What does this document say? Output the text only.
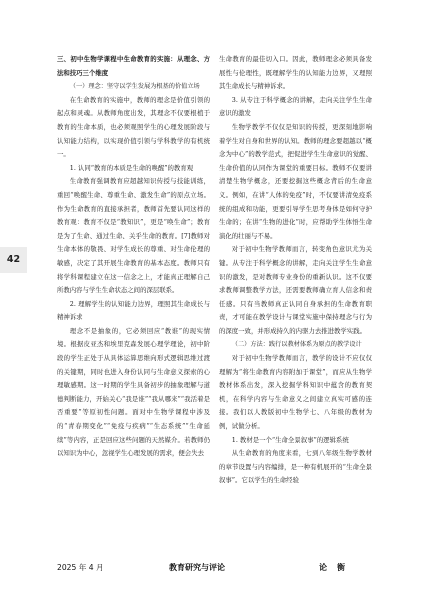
42

三、初中生物学课程中生命教育的实施：从理念、方法和技巧三个维度

（一）理念：坚守以学生发展为根基的价值立场

在生命教育的实施中，教师的理念是价值引领的起点和灵魂。从教师角度出发，其理念不仅要根植于教育的生命本质，也必须观照学生的心理发展阶段与认知能力结构，以实现价值引领与学科教学的有机统一。

1. 认同“教育的本质是生命的唤醒”的教育观

生命教育强调教育应超越知识传授与技能训练，重回“唤醒生命、尊重生命、激发生命”的原点立场。作为生命教育的直接承担者，教师首先要认同这样的教育观：教育不仅是“教知识”，更是“唤生命”；教育是为了生命、通过生命、关乎生命的教育。[7]教师对生命本体的敬畏、对学生成长的尊重、对生命伦理的敏感，决定了其开展生命教育的基本态度。教师只有将学科课程建立在这一信念之上，才能真正理解自己所教内容与学生生命状态之间的深层联系。

2. 理解学生的认知能力边界，理照其生命成长与精神诉求

理念不是抽象的，它必须回应“教谁”的现实情境。根据皮亚杰和埃里克森发展心理学理论，初中阶段的学生正处于从具体运算思维向形式逻辑思维过渡的关键期，同时也进入身份认同与生命意义探索的心理敏感期。这一时期的学生具备初步的抽象理解与道德判断能力，开始关心“我是谁”“我从哪来”“我活着是否重要”等原初性问题。面对中生物学课程中涉及的“青春期变化”“免疫与疾病”“生态系统”“生命延续”等内容，正是回应这些问题的天然媒介。若教师仍以知识为中心，忽视学生心理发展的需求，便会失去

生命教育的最佳切入口。因此，教师理念必须具备发展性与伦理性，既理解学生的认知能力边界，又理照其生命成长与精神诉求。

3. 从专注于科学概念的讲解，走向关注学生生命意识的激发

生物学教学不仅仅是知识的传授，更深刻地影响着学生对自身和世界的认知。教师的理念要超越以“概念为中心”的教学范式，把促进学生生命意识的觉醒、生命价值的认同作为课堂的重要目标。教师不仅要讲清楚生物学概念，还要挖掘这些概念背后的生命意义。例如，在讲“人体的免疫”时，不仅要讲清免疫系统的组成和功能，更要引导学生思考身体是如何守护生命的；在讲“生物的进化”时，应帮助学生体悟生命演化的壮丽与不易。

对于初中生物学教师而言，转变角色意识尤为关键。从专注于科学概念的讲解，走向关注学生生命意识的激发，是对教师专业身份的重新认识。这不仅要求教师调整教学方法，还需要教师确立育人信念和责任感。只有当教师真正认同自身承担的生命教育职责，才可能在教学设计与课堂实施中保持理念与行为的深度一致，并形成持久的内驱力去推进教学实践。

（二）方法：践行以教材体系为原点的教学设计

对于初中生物学教师而言，教学的设计不应仅仅理解为“将生命教育内容附加于课堂”，而应从生物学教材体系出发，深入挖掘学科知识中蕴含的教育契机，在科学内容与生命意义之间建立真实可感的连接。我们以人教版初中生物学七、八年级的教材为例，试做分析。

1. 教材是一个“生命全景叙事”的逻辑系统

从生命教育的角度来看，七到八年级生物学教材的章节设置与内容编排，是一种有机展开的“生命全景叙事”。它以学生的生命经验

2025 年 4 月	教育研究与评论	论衡
